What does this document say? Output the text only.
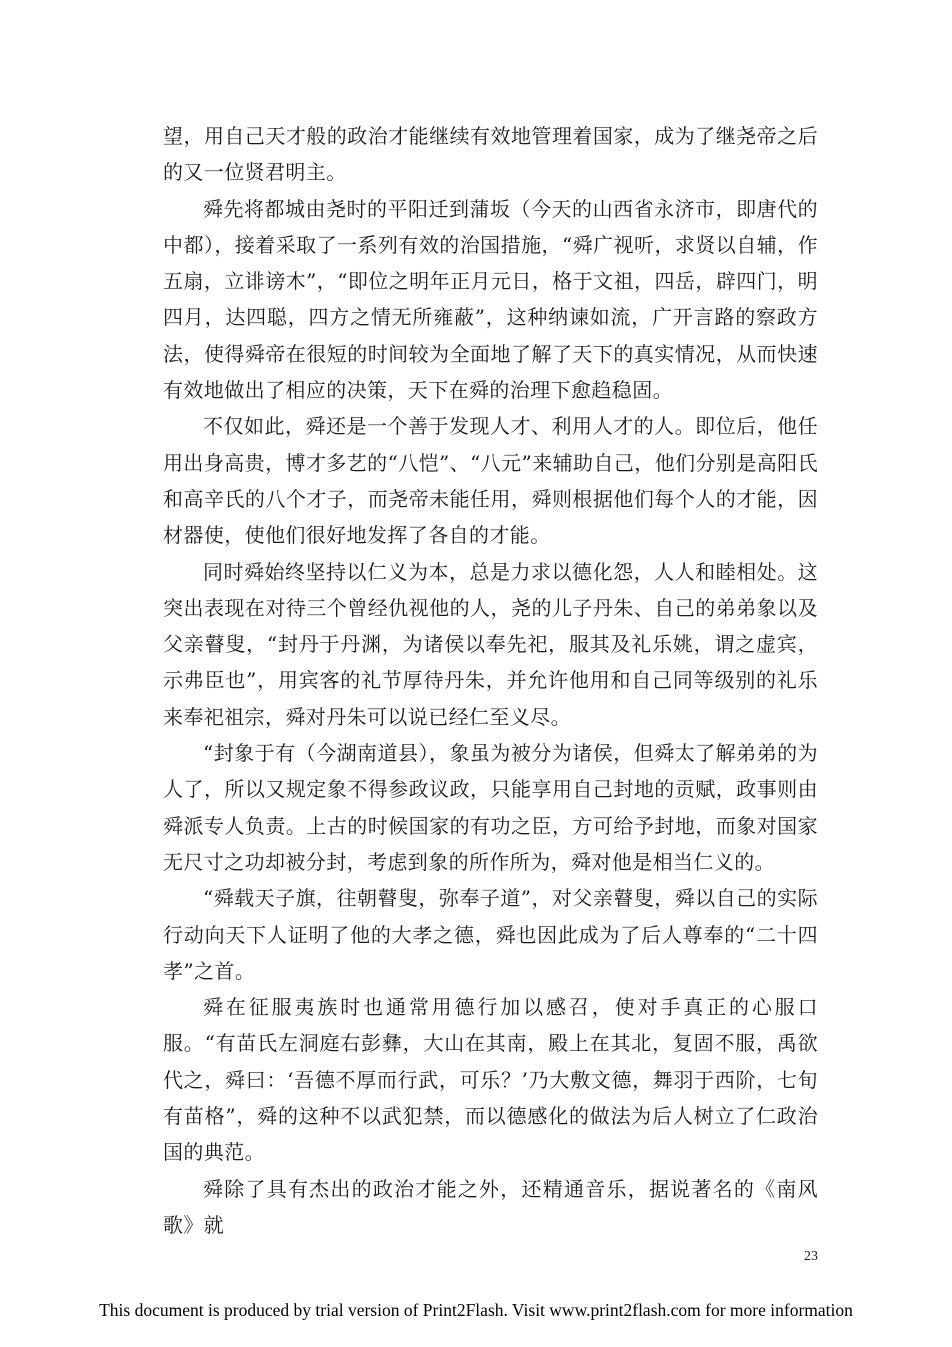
望，用自己天才般的政治才能继续有效地管理着国家，成为了继尧帝之后的又一位贤君明主。

舜先将都城由尧时的平阳迁到蒲坂（今天的山西省永济市，即唐代的中都），接着采取了一系列有效的治国措施，“舜广视听，求贤以自辅，作五扇，立诽谤木”，“即位之明年正月元日，格于文祖，四岳，辟四门，明四月，达四聪，四方之情无所雍蔽”，这种纳谏如流，广开言路的察政方法，使得舜帝在很短的时间较为全面地了解了天下的真实情况，从而快速有效地做出了相应的决策，天下在舜的治理下愈趋稳固。

不仅如此，舜还是一个善于发现人才、利用人才的人。即位后，他任用出身高贵，博才多艺的“八恺”、“八元”来辅助自己，他们分别是高阳氏和高辛氏的八个才子，而尧帝未能任用，舜则根据他们每个人的才能，因材器使，使他们很好地发挥了各自的才能。

同时舜始终坚持以仁义为本，总是力求以德化怨，人人和睦相处。这突出表现在对待三个曾经仇视他的人，尧的儿子丹朱、自己的弟弟象以及父亲瞽叟，“封丹于丹渊，为诸侯以奉先祀，服其及礼乐姚，谓之虚宾，示弗臣也”，用宾客的礼节厚待丹朱，并允许他用和自己同等级别的礼乐来奉祀祖宗，舜对丹朱可以说已经仁至义尽。

“封象于有（今湖南道县），象虽为被分为诸侯，但舜太了解弟弟的为人了，所以又规定象不得参政议政，只能享用自己封地的贡赋，政事则由舜派专人负责。上古的时候国家的有功之臣，方可给予封地，而象对国家无尺寸之功却被分封，考虑到象的所作所为，舜对他是相当仁义的。

“舜载天子旗，往朝瞽叟，弥奉子道”，对父亲瞽叟，舜以自己的实际行动向天下人证明了他的大孝之德，舜也因此成为了后人尊奉的“二十四孝”之首。

舜在征服夷族时也通常用德行加以感召，使对手真正的心服口服。“有苗氏左洞庭右彭彝，大山在其南，殿上在其北，复固不服，禹欲代之，舜曰：‘吾德不厚而行武，可乐？’乃大敷文德，舞羽于西阶，七旬有苗格”，舜的这种不以武犯禁，而以德感化的做法为后人树立了仁政治国的典范。

舜除了具有杰出的政治才能之外，还精通音乐，据说著名的《南风歌》就

23
This document is produced by trial version of Print2Flash. Visit www.print2flash.com for more information
